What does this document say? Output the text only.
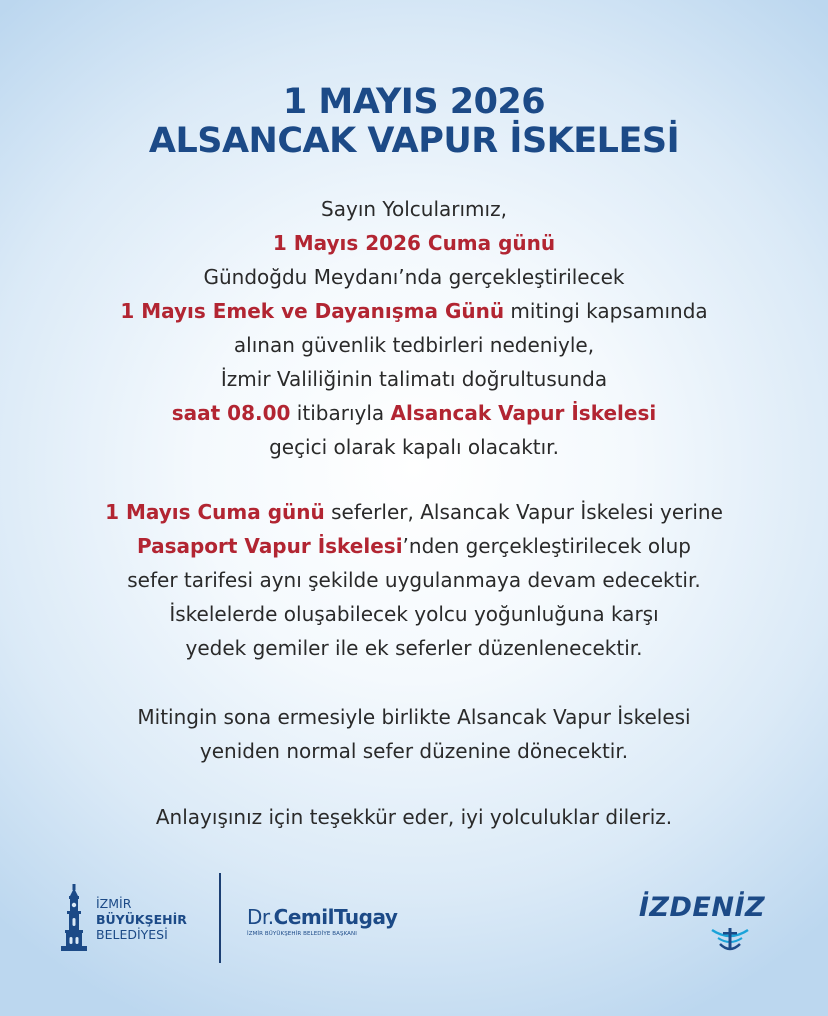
1 MAYIS 2026
ALSANCAK VAPUR İSKELESİ
Sayın Yolcularımız,
1 Mayıs 2026 Cuma günü
Gündoğdu Meydanı’nda gerçekleştirilecek
1 Mayıs Emek ve Dayanışma Günü mitingi kapsamında
alınan güvenlik tedbirleri nedeniyle,
İzmir Valiliğinin talimatı doğrultusunda
saat 08.00 itibarıyla Alsancak Vapur İskelesi
geçici olarak kapalı olacaktır.
1 Mayıs Cuma günü seferler, Alsancak Vapur İskelesi yerine
Pasaport Vapur İskelesi’nden gerçekleştirilecek olup
sefer tarifesi aynı şekilde uygulanmaya devam edecektir.
İskelelerde oluşabilecek yolcu yoğunluğuna karşı
yedek gemiler ile ek seferler düzenlenecektir.
Mitingin sona ermesiyle birlikte Alsancak Vapur İskelesi
yeniden normal sefer düzenine dönecektir.
Anlayışınız için teşekkür eder, iyi yolculuklar dileriz.
İZMİR
BÜYÜKŞEHİR
BELEDİYESİ
Dr.CemilTugay
İZMİR BÜYÜKŞEHİR BELEDİYE BAŞKANI
İZDENİZ
